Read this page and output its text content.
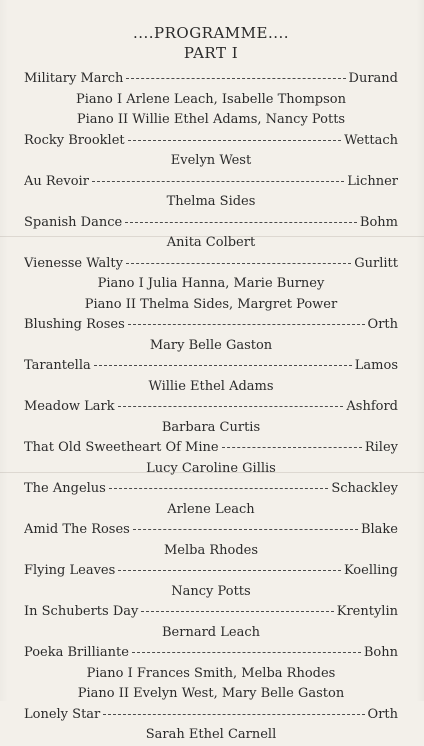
....PROGRAMME....
PART I
Military March	Durand
Piano I Arlene Leach, Isabelle Thompson
Piano II Willie Ethel Adams, Nancy Potts
Rocky Brooklet	Wettach
Evelyn West
Au Revoir	Lichner
Thelma Sides
Spanish Dance	Bohm
Anita Colbert
Vienesse Walty	Gurlitt
Piano I Julia Hanna, Marie Burney
Piano II Thelma Sides, Margret Power
Blushing Roses	Orth
Mary Belle Gaston
Tarantella	Lamos
Willie Ethel Adams
Meadow Lark	Ashford
Barbara Curtis
That Old Sweetheart Of Mine	Riley
Lucy Caroline Gillis
The Angelus	Schackley
Arlene Leach
Amid The Roses	Blake
Melba Rhodes
Flying Leaves	Koelling
Nancy Potts
In Schuberts Day	Krentylin
Bernard Leach
Poeka Brilliante	Bohn
Piano I Frances Smith, Melba Rhodes
Piano II Evelyn West, Mary Belle Gaston
Lonely Star	Orth
Sarah Ethel Carnell
